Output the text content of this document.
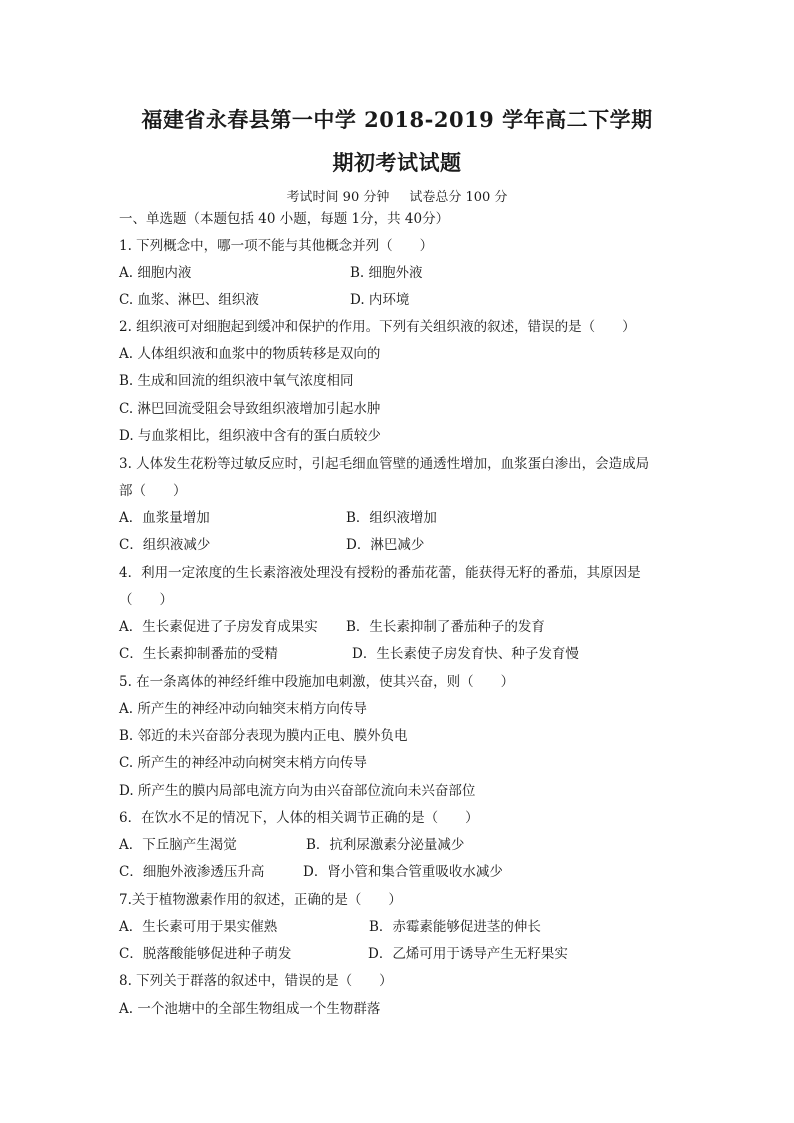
福建省永春县第一中学 2018-2019 学年高二下学期
期初考试试题
考试时间 90 分钟 试卷总分 100 分
一、单选题（本题包括 40 小题，每题 1分，共 40分）
1. 下列概念中，哪一项不能与其他概念并列（　　）
A. 细胞内液	B. 细胞外液
C. 血浆、淋巴、组织液	D. 内环境
2. 组织液可对细胞起到缓冲和保护的作用。下列有关组织液的叙述，错误的是（　　）
A. 人体组织液和血浆中的物质转移是双向的
B. 生成和回流的组织液中氧气浓度相同
C. 淋巴回流受阻会导致组织液增加引起水肿
D. 与血浆相比，组织液中含有的蛋白质较少
3. 人体发生花粉等过敏反应时，引起毛细血管壁的通透性增加，血浆蛋白渗出，会造成局
部（　　）
A．血浆量增加	B．组织液增加
C．组织液减少	D．淋巴减少
4．利用一定浓度的生长素溶液处理没有授粉的番茄花蕾，能获得无籽的番茄，其原因是
（　　）
A．生长素促进了子房发育成果实 B．生长素抑制了番茄种子的发育
C．生长素抑制番茄的受精	D．生长素使子房发育快、种子发育慢
5. 在一条离体的神经纤维中段施加电刺激，使其兴奋，则（　　）
A. 所产生的神经冲动向轴突末梢方向传导
B. 邻近的未兴奋部分表现为膜内正电、膜外负电
C. 所产生的神经冲动向树突末梢方向传导
D. 所产生的膜内局部电流方向为由兴奋部位流向未兴奋部位
6．在饮水不足的情况下，人体的相关调节正确的是（　　）
A．下丘脑产生渴觉	B．抗利尿激素分泌量减少
C．细胞外液渗透压升高	D．肾小管和集合管重吸收水减少
7.关于植物激素作用的叙述，正确的是（　　）
A．生长素可用于果实催熟	B．赤霉素能够促进茎的伸长
C．脱落酸能够促进种子萌发	D．乙烯可用于诱导产生无籽果实
8. 下列关于群落的叙述中，错误的是（　　）
A. 一个池塘中的全部生物组成一个生物群落
